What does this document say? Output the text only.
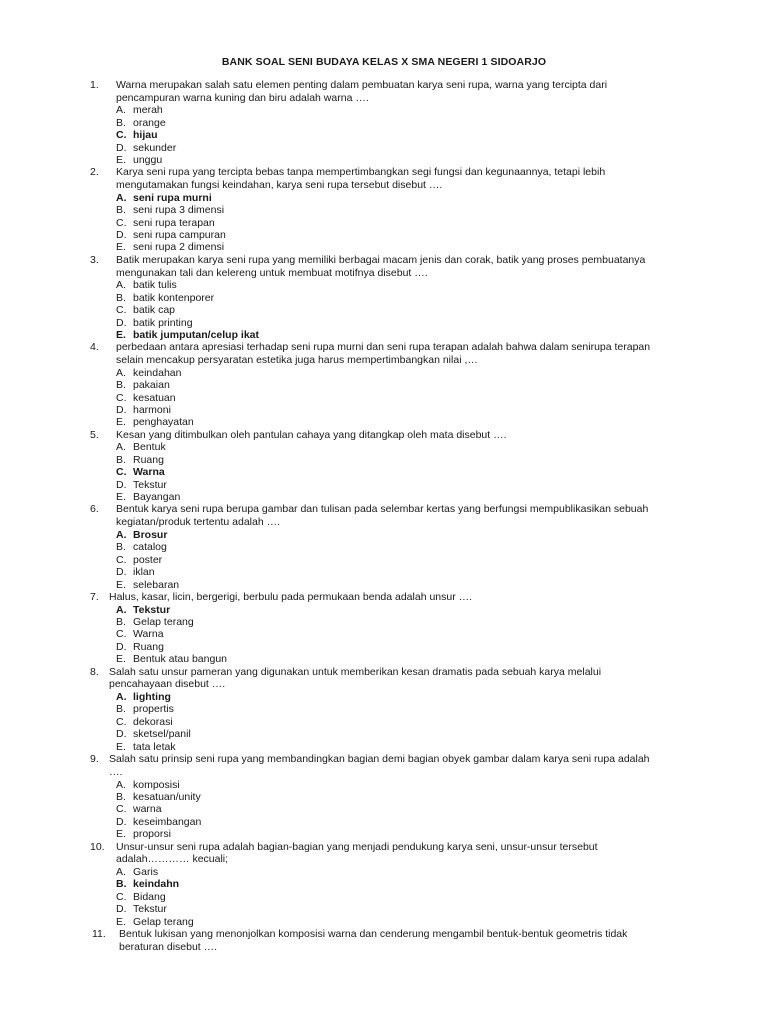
BANK SOAL SENI BUDAYA KELAS X SMA NEGERI 1 SIDOARJO
1. Warna merupakan salah satu elemen penting dalam pembuatan karya seni rupa, warna yang tercipta dari pencampuran warna kuning dan biru adalah warna ….
A. merah
B. orange
C. hijau
D. sekunder
E. unggu
2. Karya seni rupa yang tercipta bebas tanpa mempertimbangkan segi fungsi dan kegunaannya, tetapi lebih mengutamakan fungsi keindahan, karya seni rupa tersebut disebut ….
A. seni rupa murni
B. seni rupa 3 dimensi
C. seni rupa terapan
D. seni rupa campuran
E. seni rupa 2 dimensi
3. Batik merupakan karya seni rupa yang memiliki berbagai macam jenis dan corak, batik yang proses pembuatanya mengunakan tali dan kelereng untuk membuat motifnya disebut ….
A. batik tulis
B. batik kontenporer
C. batik cap
D. batik printing
E. batik jumputan/celup ikat
4. perbedaan antara apresiasi terhadap seni rupa murni dan seni rupa terapan adalah bahwa dalam senirupa terapan selain mencakup persyaratan estetika juga harus mempertimbangkan nilai ,…
A. keindahan
B. pakaian
C. kesatuan
D. harmoni
E. penghayatan
5. Kesan yang ditimbulkan oleh pantulan cahaya yang ditangkap oleh mata disebut ….
A. Bentuk
B. Ruang
C. Warna
D. Tekstur
E. Bayangan
6. Bentuk karya seni rupa berupa gambar dan tulisan pada selembar kertas yang berfungsi mempublikasikan sebuah kegiatan/produk tertentu adalah ….
A. Brosur
B. catalog
C. poster
D. iklan
E. selebaran
7. Halus, kasar, licin, bergerigi, berbulu pada permukaan benda adalah unsur ….
A. Tekstur
B. Gelap terang
C. Warna
D. Ruang
E. Bentuk atau bangun
8. Salah satu unsur pameran yang digunakan untuk memberikan kesan dramatis pada sebuah karya melalui pencahayaan disebut ….
A. lighting
B. propertis
C. dekorasi
D. sketsel/panil
E. tata letak
9. Salah satu prinsip seni rupa yang membandingkan bagian demi bagian obyek gambar dalam karya seni rupa adalah ….
A. komposisi
B. kesatuan/unity
C. warna
D. keseimbangan
E. proporsi
10. Unsur-unsur seni rupa adalah bagian-bagian yang menjadi pendukung karya seni, unsur-unsur tersebut adalah………… kecuali;
A. Garis
B. keindahn
C. Bidang
D. Tekstur
E. Gelap terang
11. Bentuk lukisan yang menonjolkan komposisi warna dan cenderung mengambil bentuk-bentuk geometris tidak beraturan disebut ….
